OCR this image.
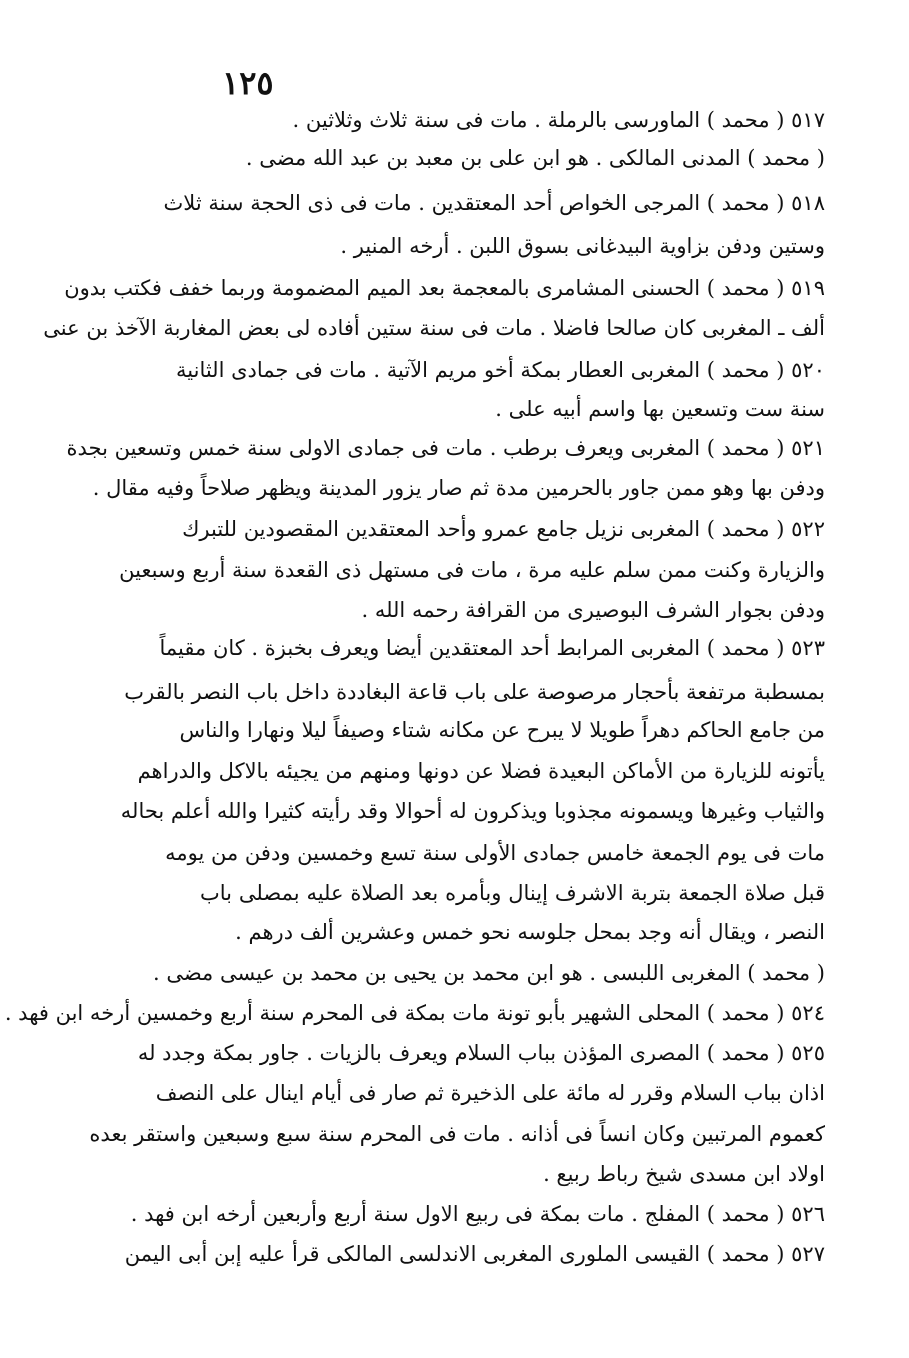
١٢٥
٥١٧ ( محمد ) الماورسى بالرملة . مات فى سنة ثلاث وثلاثين .
( محمد ) المدنى المالكى . هو ابن على بن معبد بن عبد الله مضى .
٥١٨ ( محمد ) المرجى الخواص أحد المعتقدين . مات فى ذى الحجة سنة ثلاث
وستين ودفن بزاوية البيدغانى بسوق اللبن . أرخه المنير .
٥١٩ ( محمد ) الحسنى المشامرى بالمعجمة بعد الميم المضمومة وربما خفف فكتب بدون
ألف ـ المغربى كان صالحا فاضلا . مات فى سنة ستين أفاده لى بعض المغاربة الآخذ بن عنى
٥٢٠ ( محمد ) المغربى العطار بمكة أخو مريم الآتية . مات فى جمادى الثانية
سنة ست وتسعين بها واسم أبيه على .
٥٢١ ( محمد ) المغربى ويعرف برطب . مات فى جمادى الاولى سنة خمس وتسعين بجدة
ودفن بها وهو ممن جاور بالحرمين مدة ثم صار يزور المدينة ويظهر صلاحاً وفيه مقال .
٥٢٢ ( محمد ) المغربى نزيل جامع عمرو وأحد المعتقدين المقصودين للتبرك
والزيارة وكنت ممن سلم عليه مرة ، مات فى مستهل ذى القعدة سنة أربع وسبعين
ودفن بجوار الشرف البوصيرى من القرافة رحمه الله .
٥٢٣ ( محمد ) المغربى المرابط أحد المعتقدين أيضا ويعرف بخبزة . كان مقيماً
بمسطبة مرتفعة بأحجار مرصوصة على باب قاعة البغاددة داخل باب النصر بالقرب
من جامع الحاكم دهراً طويلا لا يبرح عن مكانه شتاء وصيفاً ليلا ونهارا والناس
يأتونه للزيارة من الأماكن البعيدة فضلا عن دونها ومنهم من يجيئه بالاكل والدراهم
والثياب وغيرها ويسمونه مجذوبا ويذكرون له أحوالا وقد رأيته كثيرا والله أعلم بحاله
مات فى يوم الجمعة خامس جمادى الأولى سنة تسع وخمسين ودفن من يومه
قبل صلاة الجمعة بتربة الاشرف إينال وبأمره بعد الصلاة عليه بمصلى باب
النصر ، ويقال أنه وجد بمحل جلوسه نحو خمس وعشرين ألف درهم .
( محمد ) المغربى اللبسى . هو ابن محمد بن يحيى بن محمد بن عيسى مضى .
٥٢٤ ( محمد ) المحلى الشهير بأبو تونة مات بمكة فى المحرم سنة أربع وخمسين أرخه ابن فهد .
٥٢٥ ( محمد ) المصرى المؤذن بباب السلام ويعرف بالزيات . جاور بمكة وجدد له
اذان بباب السلام وقرر له مائة على الذخيرة ثم صار فى أيام اينال على النصف
كعموم المرتبين وكان انساً فى أذانه . مات فى المحرم سنة سبع وسبعين واستقر بعده
اولاد ابن مسدى شيخ رباط ربيع .
٥٢٦ ( محمد ) المفلج . مات بمكة فى ربيع الاول سنة أربع وأربعين أرخه ابن فهد .
٥٢٧ ( محمد ) القيسى الملورى المغربى الاندلسى المالكى قرأ عليه إبن أبى اليمن
